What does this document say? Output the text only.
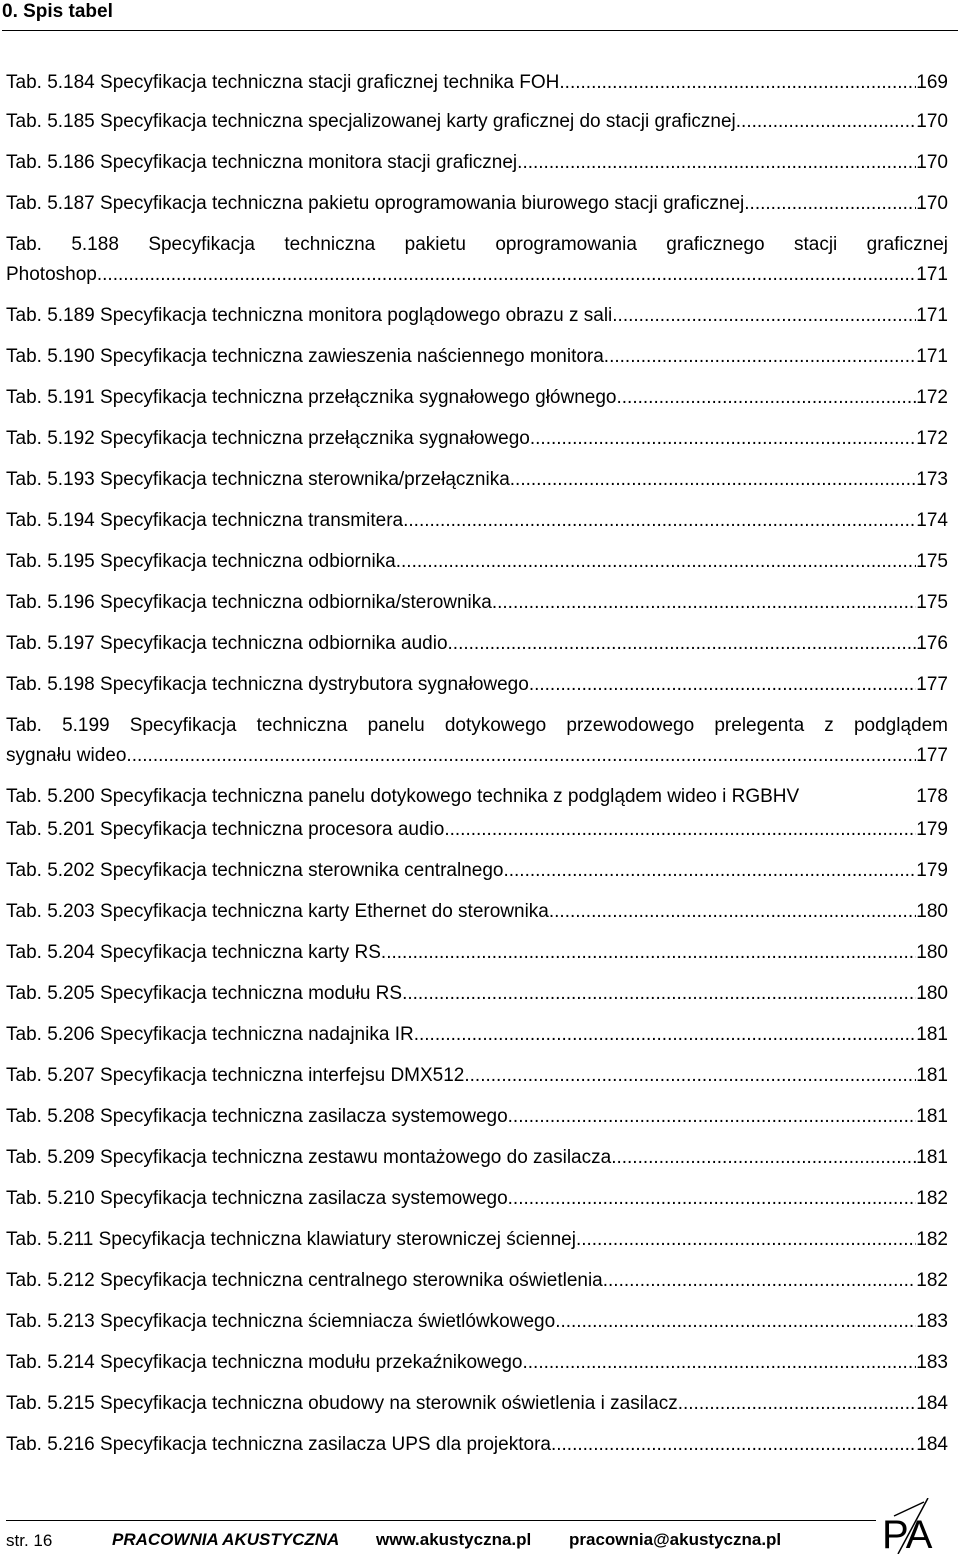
0. Spis tabel
Tab. 5.184 Specyfikacja techniczna stacji graficznej technika FOH .....	169
Tab. 5.185 Specyfikacja techniczna specjalizowanej karty graficznej do stacji graficznej .....	170
Tab. 5.186 Specyfikacja techniczna monitora stacji graficznej. .....	170
Tab. 5.187 Specyfikacja techniczna pakietu oprogramowania biurowego stacji graficznej .....	170
Tab. 5.188 Specyfikacja techniczna pakietu oprogramowania graficznego stacji graficznej
Photoshop .....	171
Tab. 5.189 Specyfikacja techniczna monitora poglądowego obrazu z sali .....	171
Tab. 5.190 Specyfikacja techniczna zawieszenia naściennego monitora. .....	171
Tab. 5.191 Specyfikacja techniczna przełącznika sygnałowego głównego .....	172
Tab. 5.192 Specyfikacja techniczna przełącznika sygnałowego .....	172
Tab. 5.193 Specyfikacja techniczna sterownika/przełącznika .....	173
Tab. 5.194 Specyfikacja techniczna transmitera .....	174
Tab. 5.195 Specyfikacja techniczna odbiornika .....	175
Tab. 5.196 Specyfikacja techniczna odbiornika/sterownika .....	175
Tab. 5.197 Specyfikacja techniczna odbiornika audio .....	176
Tab. 5.198 Specyfikacja techniczna dystrybutora sygnałowego .....	177
Tab. 5.199 Specyfikacja techniczna panelu dotykowego przewodowego prelegenta z podglądem
sygnału wideo .....	177
Tab. 5.200 Specyfikacja techniczna panelu dotykowego technika z podglądem wideo i RGBHV	178
Tab. 5.201 Specyfikacja techniczna procesora audio .....	179
Tab. 5.202 Specyfikacja techniczna sterownika centralnego .....	179
Tab. 5.203 Specyfikacja techniczna karty Ethernet do sterownika .....	180
Tab. 5.204 Specyfikacja techniczna karty RS .....	180
Tab. 5.205 Specyfikacja techniczna modułu RS .....	180
Tab. 5.206 Specyfikacja techniczna nadajnika IR .....	181
Tab. 5.207 Specyfikacja techniczna interfejsu DMX512 .....	181
Tab. 5.208 Specyfikacja techniczna zasilacza systemowego .....	181
Tab. 5.209 Specyfikacja techniczna zestawu montażowego do zasilacza .....	181
Tab. 5.210 Specyfikacja techniczna zasilacza systemowego .....	182
Tab. 5.211 Specyfikacja techniczna klawiatury sterowniczej ściennej .....	182
Tab. 5.212 Specyfikacja techniczna centralnego sterownika oświetlenia .....	182
Tab. 5.213 Specyfikacja techniczna ściemniacza świetlówkowego .....	183
Tab. 5.214 Specyfikacja techniczna modułu przekaźnikowego .....	183
Tab. 5.215 Specyfikacja techniczna obudowy na sterownik oświetlenia i zasilacz .....	184
Tab. 5.216 Specyfikacja techniczna zasilacza UPS dla projektora .....	184
str. 16	PRACOWNIA AKUSTYCZNA www.akustyczna.pl pracownia@akustyczna.pl	PA
